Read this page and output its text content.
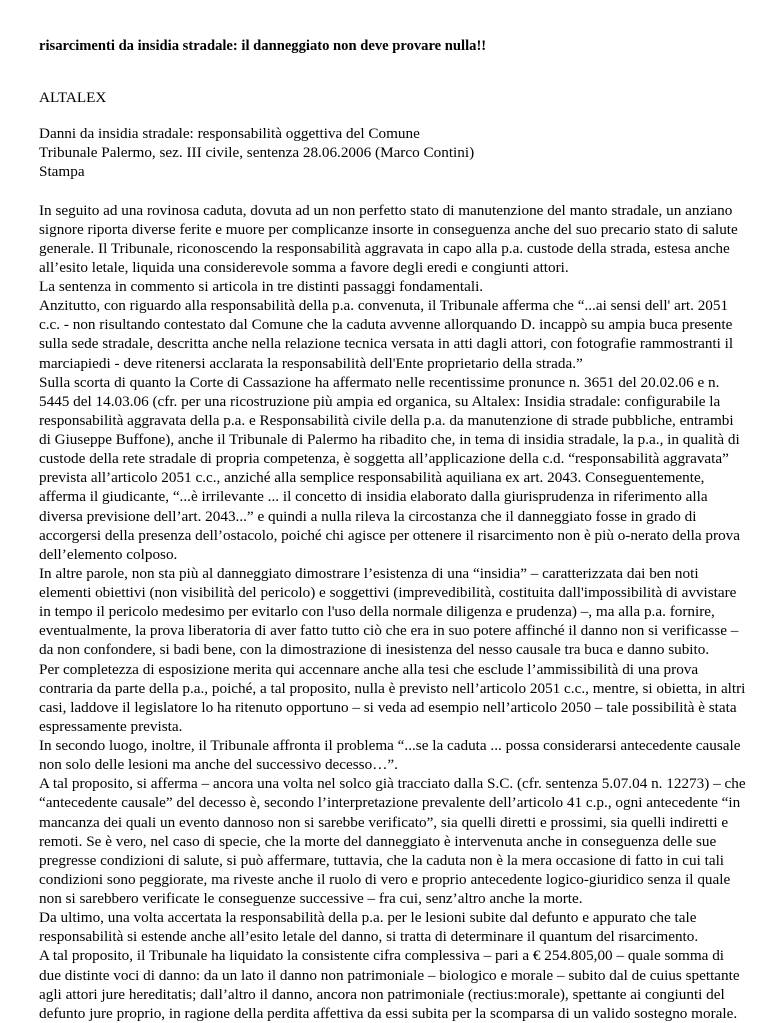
risarcimenti da insidia stradale: il danneggiato non deve provare nulla!!

ALTALEX

Danni da insidia stradale: responsabilità oggettiva del Comune
Tribunale Palermo, sez. III civile, sentenza 28.06.2006 (Marco Contini)
Stampa

In seguito ad una rovinosa caduta, dovuta ad un non perfetto stato di manutenzione del manto stradale, un anziano signore riporta diverse ferite e muore per complicanze insorte in conseguenza anche del suo precario stato di salute generale. Il Tribunale, riconoscendo la responsabilità aggravata in capo alla p.a. custode della strada, estesa anche all’esito letale, liquida una considerevole somma a favore degli eredi e congiunti attori.

La sentenza in commento si articola in tre distinti passaggi fondamentali.

Anzitutto, con riguardo alla responsabilità della p.a. convenuta, il Tribunale afferma che “...ai sensi dell' art. 2051 c.c. - non risultando contestato dal Comune che la caduta avvenne allorquando D. incappò su ampia buca presente sulla sede stradale, descritta anche nella relazione tecnica versata in atti dagli attori, con fotografie rammostranti il marciapiedi - deve ritenersi acclarata la responsabilità dell'Ente proprietario della strada.”

Sulla scorta di quanto la Corte di Cassazione ha affermato nelle recentissime pronunce n. 3651 del 20.02.06 e n. 5445 del 14.03.06 (cfr. per una ricostruzione più ampia ed organica, su Altalex: Insidia stradale: configurabile la responsabilità aggravata della p.a. e Responsabilità civile della p.a. da manutenzione di strade pubbliche, entrambi di Giuseppe Buffone), anche il Tribunale di Palermo ha ribadito che, in tema di insidia stradale, la p.a., in qualità di custode della rete stradale di propria competenza, è soggetta all’applicazione della c.d. “responsabilità aggravata” prevista all’articolo 2051 c.c., anziché alla semplice responsabilità aquiliana ex art. 2043. Conseguentemente, afferma il giudicante, “...è irrilevante ... il concetto di insidia elaborato dalla giurisprudenza in riferimento alla diversa previsione dell’art. 2043...” e quindi a nulla rileva la circostanza che il danneggiato fosse in grado di accorgersi della presenza dell’ostacolo, poiché chi agisce per ottenere il risarcimento non è più o-nerato della prova dell’elemento colposo.

In altre parole, non sta più al danneggiato dimostrare l’esistenza di una “insidia” – caratterizzata dai ben noti elementi obiettivi (non visibilità del pericolo) e soggettivi (imprevedibilità, costituita dall'impossibilità di avvistare in tempo il pericolo medesimo per evitarlo con l'uso della normale diligenza e prudenza) –, ma alla p.a. fornire, eventualmente, la prova liberatoria di aver fatto tutto ciò che era in suo potere affinché il danno non si verificasse – da non confondere, si badi bene, con la dimostrazione di inesistenza del nesso causale tra buca e danno subito.

Per completezza di esposizione merita qui accennare anche alla tesi che esclude l’ammissibilità di una prova contraria da parte della p.a., poiché, a tal proposito, nulla è previsto nell’articolo 2051 c.c., mentre, si obietta, in altri casi, laddove il legislatore lo ha ritenuto opportuno – si veda ad esempio nell’articolo 2050 – tale possibilità è stata espressamente prevista.

In secondo luogo, inoltre, il Tribunale affronta il problema “...se la caduta ... possa considerarsi antecedente causale non solo delle lesioni ma anche del successivo decesso…”.

A tal proposito, si afferma – ancora una volta nel solco già tracciato dalla S.C. (cfr. sentenza 5.07.04 n. 12273) – che “antecedente causale” del decesso è, secondo l’interpretazione prevalente dell’articolo 41 c.p., ogni antecedente “in mancanza dei quali un evento dannoso non si sarebbe verificato”, sia quelli diretti e prossimi, sia quelli indiretti e remoti. Se è vero, nel caso di specie, che la morte del danneggiato è intervenuta anche in conseguenza delle sue pregresse condizioni di salute, si può affermare, tuttavia, che la caduta non è la mera occasione di fatto in cui tali condizioni sono peggiorate, ma riveste anche il ruolo di vero e proprio antecedente logico-giuridico senza il quale non si sarebbero verificate le conseguenze successive – fra cui, senz’altro anche la morte.

Da ultimo, una volta accertata la responsabilità della p.a. per le lesioni subite dal defunto e appurato che tale responsabilità si estende anche all’esito letale del danno, si tratta di determinare il quantum del risarcimento.

A tal proposito, il Tribunale ha liquidato la consistente cifra complessiva – pari a € 254.805,00 – quale somma di due distinte voci di danno: da un lato il danno non patrimoniale – biologico e morale – subito dal de cuius spettante agli attori jure hereditatis; dall’altro il danno, ancora non patrimoniale (rectius:morale), spettante ai congiunti del defunto jure proprio, in ragione della perdita affettiva da essi subita per la scomparsa di un valido sostegno morale.
